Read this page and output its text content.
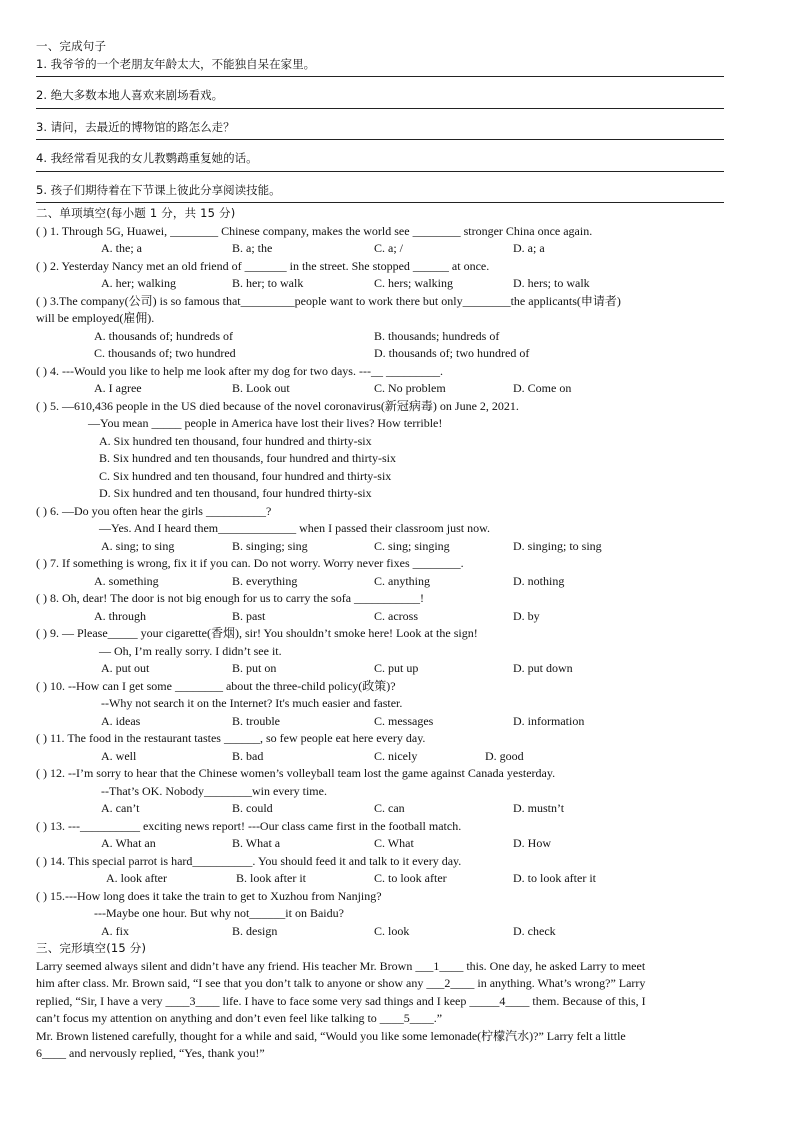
一、完成句子
1. 我爷爷的一个老朋友年龄太大，不能独自呆在家里。
2. 绝大多数本地人喜欢来剧场看戏。
3. 请问，去最近的博物馆的路怎么走？
4. 我经常看见我的女儿教鹦鹉重复她的话。
5. 孩子们期待着在下节课上彼此分享阅读技能。
二、单项填空(每小题 1 分，共 15 分)
( ) 1. Through 5G, Huawei, ________ Chinese company, makes the world see ________ stronger China once again.
A. the; a	B. a; the	C. a; /	D. a; a
( ) 2. Yesterday Nancy met an old friend of _______ in the street. She stopped ______ at once.
A. her; walking	B. her; to walk	C. hers; walking	D. hers; to walk
( ) 3.The company(公司) is so famous that_________people want to work there but only________the applicants(申请者)
will be employed(雇佣).
A. thousands of; hundreds of	B. thousands; hundreds of
C. thousands of; two hundred	D. thousands of; two hundred of
( ) 4. ---Would you like to help me look after my dog for two days. ---__ _________.
A. I agree	B. Look out	C. No problem	D. Come on
( ) 5. —610,436 people in the US died because of the novel coronavirus(新冠病毒) on June 2, 2021.
—You mean _____ people in America have lost their lives? How terrible!
A. Six hundred ten thousand, four hundred and thirty-six
B. Six hundred and ten thousands, four hundred and thirty-six
C. Six hundred and ten thousand, four hundred and thirty-six
D. Six hundred and ten thousand, four hundred thirty-six
( ) 6. —Do you often hear the girls __________?
—Yes. And I heard them_____________ when I passed their classroom just now.
A. sing; to sing	B. singing; sing	C. sing; singing	D. singing; to sing
( ) 7. If something is wrong, fix it if you can. Do not worry. Worry never fixes ________.
A. something	B. everything	C. anything	D. nothing
( ) 8. Oh, dear! The door is not big enough for us to carry the sofa ___________!
A. through	B. past	C. across	D. by
( ) 9. — Please_____ your cigarette(香烟), sir! You shouldn’t smoke here! Look at the sign!
— Oh, I’m really sorry. I didn’t see it.
A. put out	B. put on	C. put up	D. put down
( ) 10. --How can I get some ________ about the three-child policy(政策)?
--Why not search it on the Internet? It's much easier and faster.
A. ideas	B. trouble	C. messages	D. information
( ) 11. The food in the restaurant tastes ______, so few people eat here every day.
A. well	B. bad	C. nicely	D. good
( ) 12. --I’m sorry to hear that the Chinese women’s volleyball team lost the game against Canada yesterday.
--That’s OK. Nobody________win every time.
A. can’t	B. could	C. can	D. mustn’t
( ) 13. ---__________ exciting news report! ---Our class came first in the football match.
A. What an	B. What a	C. What	D. How
( ) 14. This special parrot is hard__________. You should feed it and talk to it every day.
A. look after	B. look after it	C. to look after	D. to look after it
( ) 15.---How long does it take the train to get to Xuzhou from Nanjing?
---Maybe one hour. But why not______it on Baidu?
A. fix	B. design	C. look	D. check
三、完形填空(15 分)
Larry seemed always silent and didn’t have any friend. His teacher Mr. Brown ___1____ this. One day, he asked Larry to meet
him after class. Mr. Brown said, “I see that you don’t talk to anyone or show any ___2____ in anything. What’s wrong?” Larry
replied, “Sir, I have a very ____3____ life. I have to face some very sad things and I keep _____4____ them. Because of this, I
can’t focus my attention on anything and don’t even feel like talking to ____5____.”
Mr. Brown listened carefully, thought for a while and said, “Would you like some lemonade(柠檬汽水)?” Larry felt a little
6____ and nervously replied, “Yes, thank you!”
